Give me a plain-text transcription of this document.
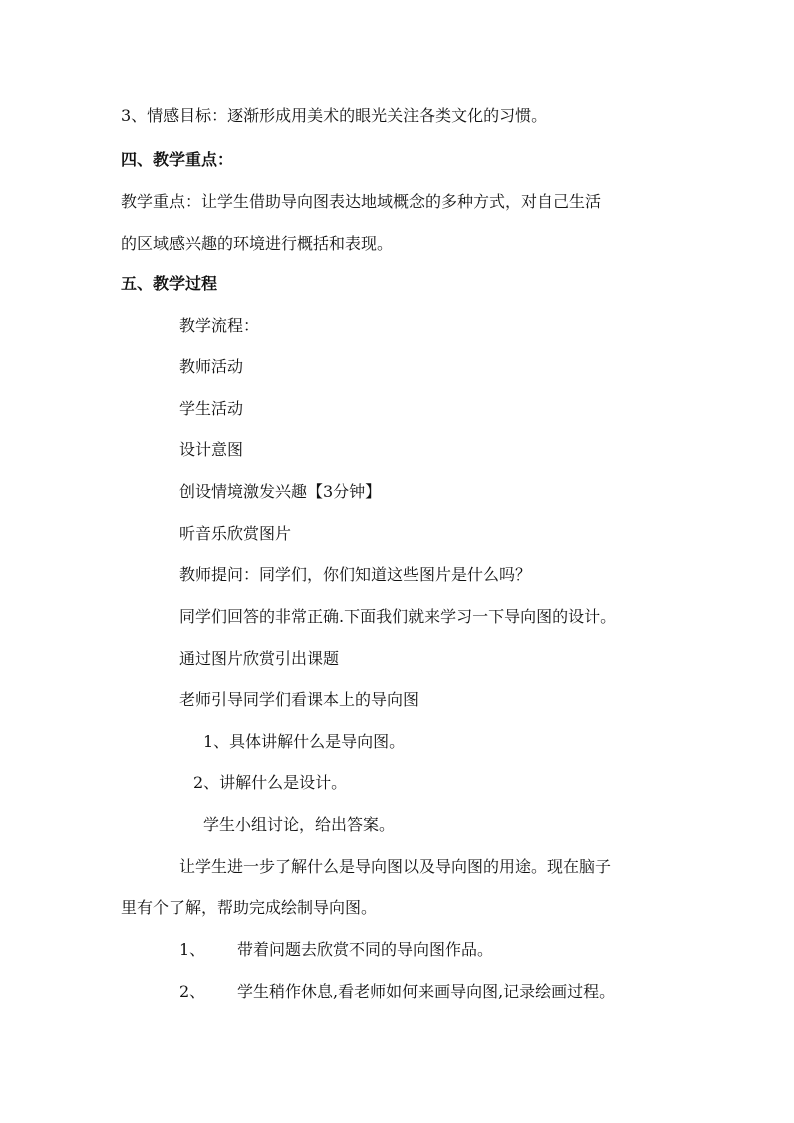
3、情感目标：逐渐形成用美术的眼光关注各类文化的习惯。

四、教学重点：

教学重点：让学生借助导向图表达地域概念的多种方式，对自己生活

的区域感兴趣的环境进行概括和表现。

五、教学过程

教学流程：

教师活动

学生活动

设计意图

创设情境激发兴趣【3分钟】

听音乐欣赏图片

教师提问：同学们，你们知道这些图片是什么吗？

同学们回答的非常正确.下面我们就来学习一下导向图的设计。

通过图片欣赏引出课题

老师引导同学们看课本上的导向图

1、具体讲解什么是导向图。

2、讲解什么是设计。

学生小组讨论，给出答案。

让学生进一步了解什么是导向图以及导向图的用途。现在脑子

里有个了解，帮助完成绘制导向图。

1、 带着问题去欣赏不同的导向图作品。

2、 学生稍作休息,看老师如何来画导向图,记录绘画过程。
